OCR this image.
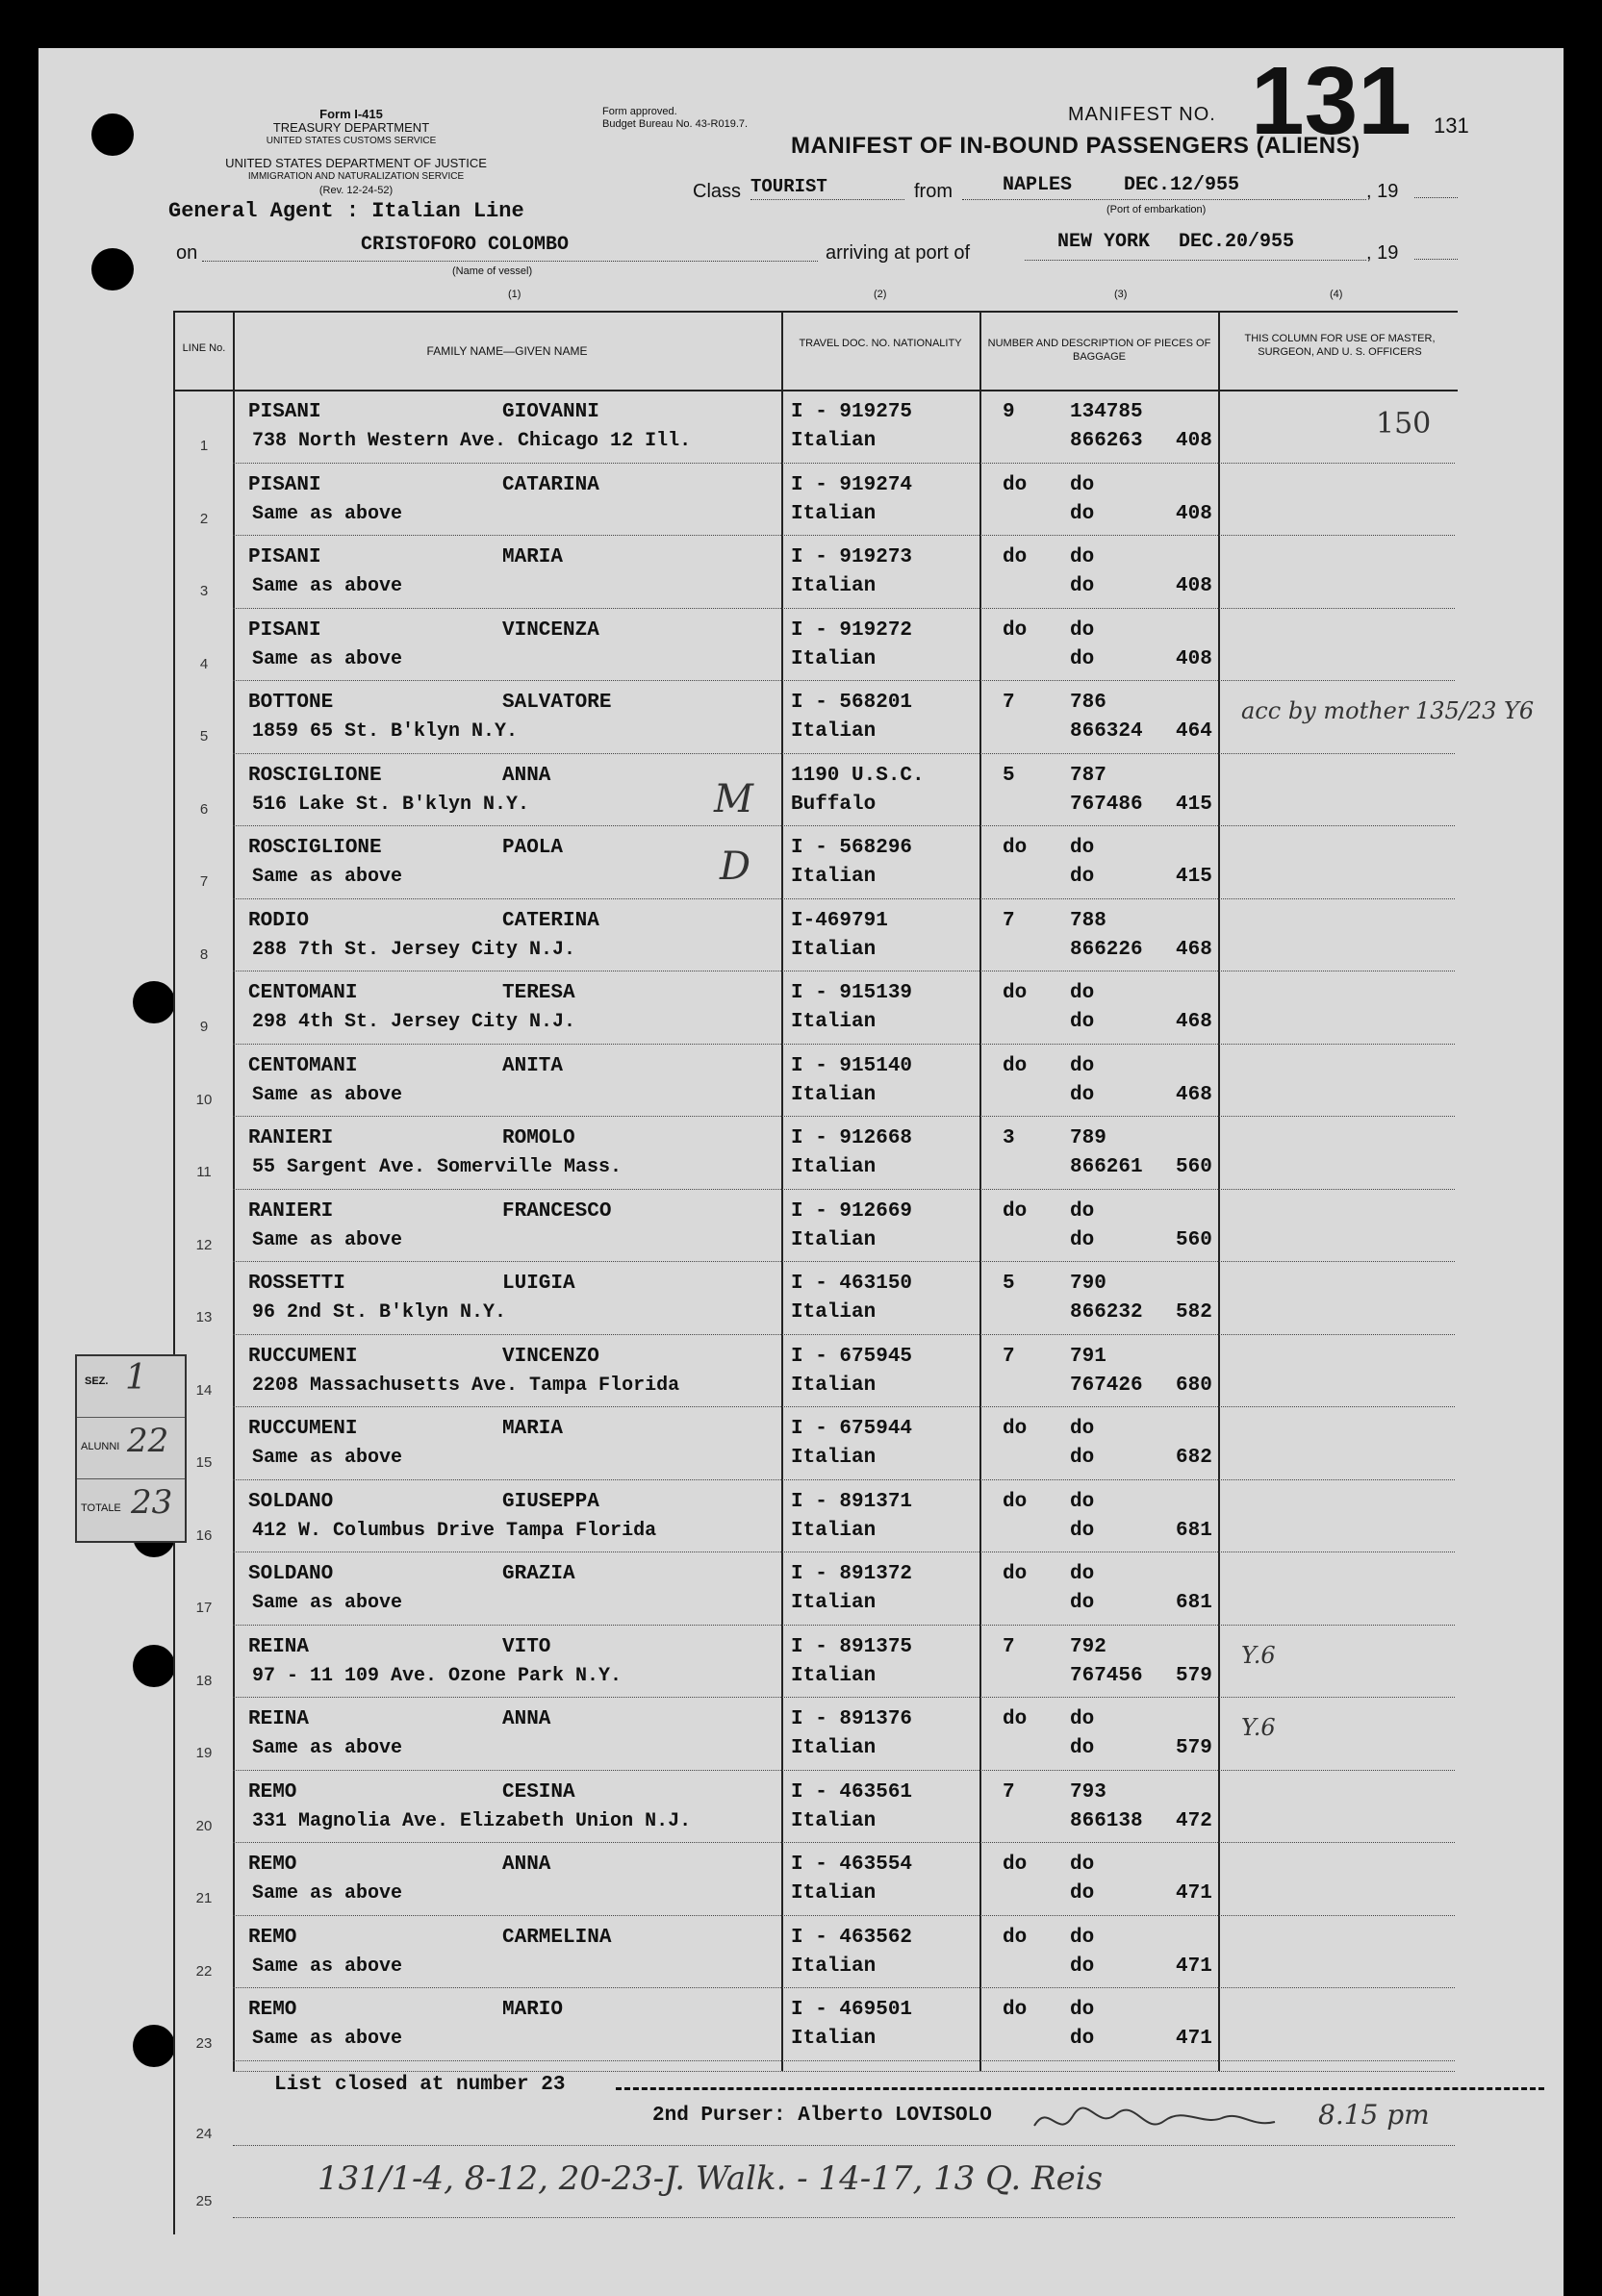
Form I-415
TREASURY DEPARTMENT
UNITED STATES CUSTOMS SERVICE
UNITED STATES DEPARTMENT OF JUSTICE
IMMIGRATION AND NATURALIZATION SERVICE
(Rev. 12-24-52)
Form approved.
Budget Bureau No. 43-R019.7.	MANIFEST NO. 131 131
MANIFEST OF IN-BOUND PASSENGERS (ALIENS)
Class TOURIST	from	NAPLES	DEC.12/955	, 19
(Port of embarkation)
General Agent : Italian Line
on	CRISTOFORO COLOMBO
(Name of vessel)
arriving at port of	NEW YORK DEC.20/955	, 19
(1)	(2)	(3)	(4)
LINE No.	FAMILY NAME—GIVEN NAME
TRAVEL DOC. NO. NATIONALITY	NUMBER AND DESCRIPTION OF PIECES OF BAGGAGE
THIS COLUMN FOR USE OF MASTER, SURGEON, AND U. S. OFFICERS
1
PISANI	GIOVANNI
738 North Western Ave. Chicago 12 Ill.
I - 919275
Italian
9	134785
866263 408
150
2
PISANI	CATARINA
Same as above
I - 919274
Italian
do do
do	408
3
PISANI	MARIA
Same as above
I - 919273
Italian
do do
do	408
4
PISANI	VINCENZA
Same as above
I - 919272
Italian
do do
do	408
5
BOTTONE	SALVATORE
1859 65 St. B'klyn N.Y.
I - 568201
Italian
7	786
866324 464
acc by mother 135/23 Y6
6
ROSCIGLIONE	ANNA
516 Lake St. B'klyn N.Y.
1190 U.S.C.
Buffalo
5	787
767486 415
7
ROSCIGLIONE	PAOLA
Same as above
I - 568296
Italian
do do
do	415
8
RODIO	CATERINA
288 7th St. Jersey City N.J.
I-469791
Italian
7	788
866226 468
9
CENTOMANI	TERESA
298 4th St. Jersey City N.J.
I - 915139
Italian
do do
do	468
10
CENTOMANI	ANITA
Same as above
I - 915140
Italian
do do
do	468
11
RANIERI	ROMOLO
55 Sargent Ave. Somerville Mass.
I - 912668
Italian
3	789
866261 560
12
RANIERI	FRANCESCO
Same as above
I - 912669
Italian
do do
do	560
13
ROSSETTI	LUIGIA
96 2nd St. B'klyn N.Y.
I - 463150
Italian
5	790
866232 582
14
RUCCUMENI	VINCENZO
2208 Massachusetts Ave. Tampa Florida
I - 675945
Italian
7	791
767426 680
15
RUCCUMENI	MARIA
Same as above
I - 675944
Italian
do do
do	682
16
SOLDANO	GIUSEPPA
412 W. Columbus Drive Tampa Florida
I - 891371
Italian
do do
do	681
17
SOLDANO	GRAZIA
Same as above
I - 891372
Italian
do do
do	681
18
REINA	VITO
97 - 11 109 Ave. Ozone Park N.Y.
I - 891375
Italian
7	792
767456 579
Y.6
19
REINA	ANNA
Same as above
I - 891376
Italian
do do
do	579
Y.6
20
REMO	CESINA
331 Magnolia Ave. Elizabeth Union N.J.
I - 463561
Italian
7	793
866138 472
21
REMO	ANNA
Same as above
I - 463554
Italian
do do
do	471
22
REMO	CARMELINA
Same as above
I - 463562
Italian
do do
do	471
23
REMO	MARIO
Same as above
I - 469501
Italian
do do
do	471
List closed at number 23
2nd Purser: Alberto LOVISOLO	8.15 pm
24
25
131/1-4, 8-12, 20-23-J. Walk. - 14-17, 13 Q. Reis
SEZ. 1
ALUNNI 22
TOTALE 23
M
D
